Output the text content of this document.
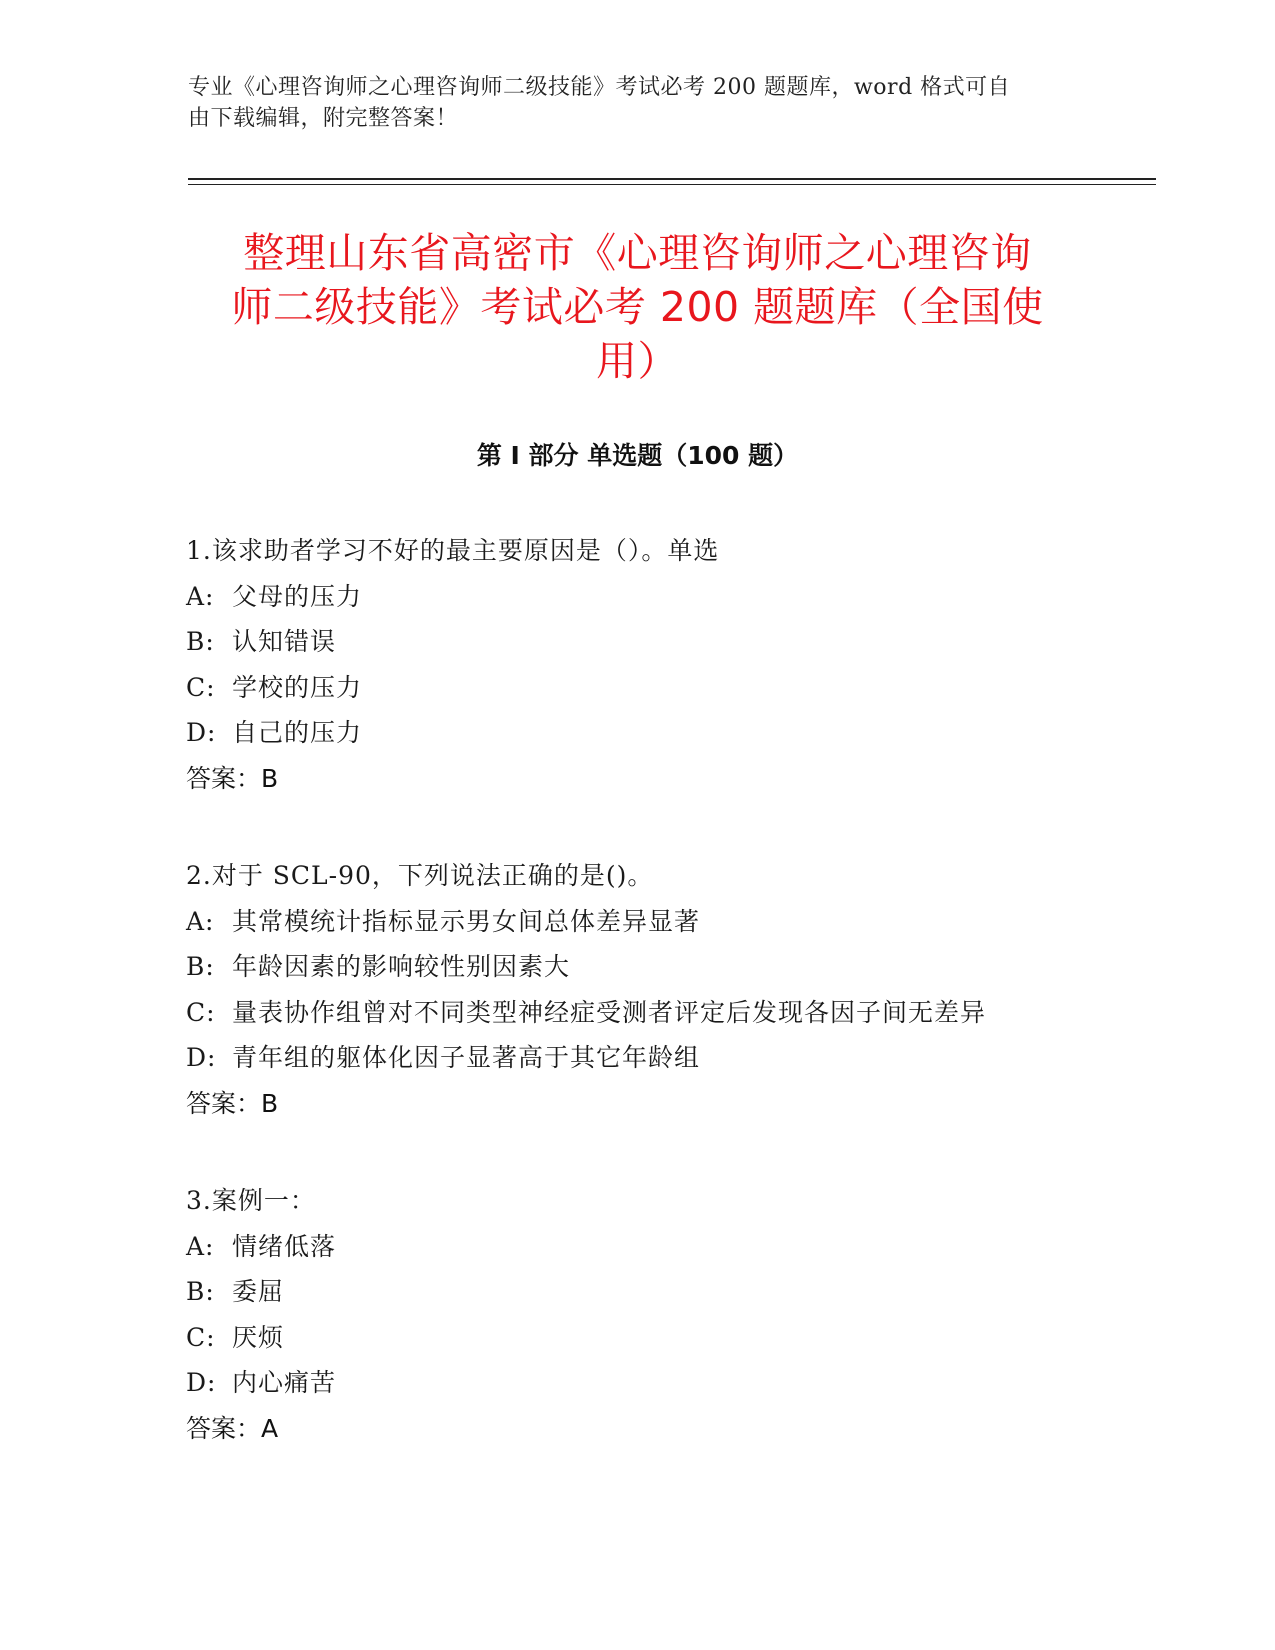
专业《心理咨询师之心理咨询师二级技能》考试必考 200 题题库，word 格式可自
由下载编辑，附完整答案！
整理山东省高密市《心理咨询师之心理咨询
师二级技能》考试必考 200 题题库（全国使
用）
第 I 部分 单选题（100 题）
1.该求助者学习不好的最主要原因是（）。单选
A: 父母的压力
B: 认知错误
C: 学校的压力
D: 自己的压力
答案：B
2.对于 SCL-90，下列说法正确的是()。
A: 其常模统计指标显示男女间总体差异显著
B: 年龄因素的影响较性别因素大
C: 量表协作组曾对不同类型神经症受测者评定后发现各因子间无差异
D: 青年组的躯体化因子显著高于其它年龄组
答案：B
3.案例一：
A: 情绪低落
B: 委屈
C: 厌烦
D: 内心痛苦
答案：A
